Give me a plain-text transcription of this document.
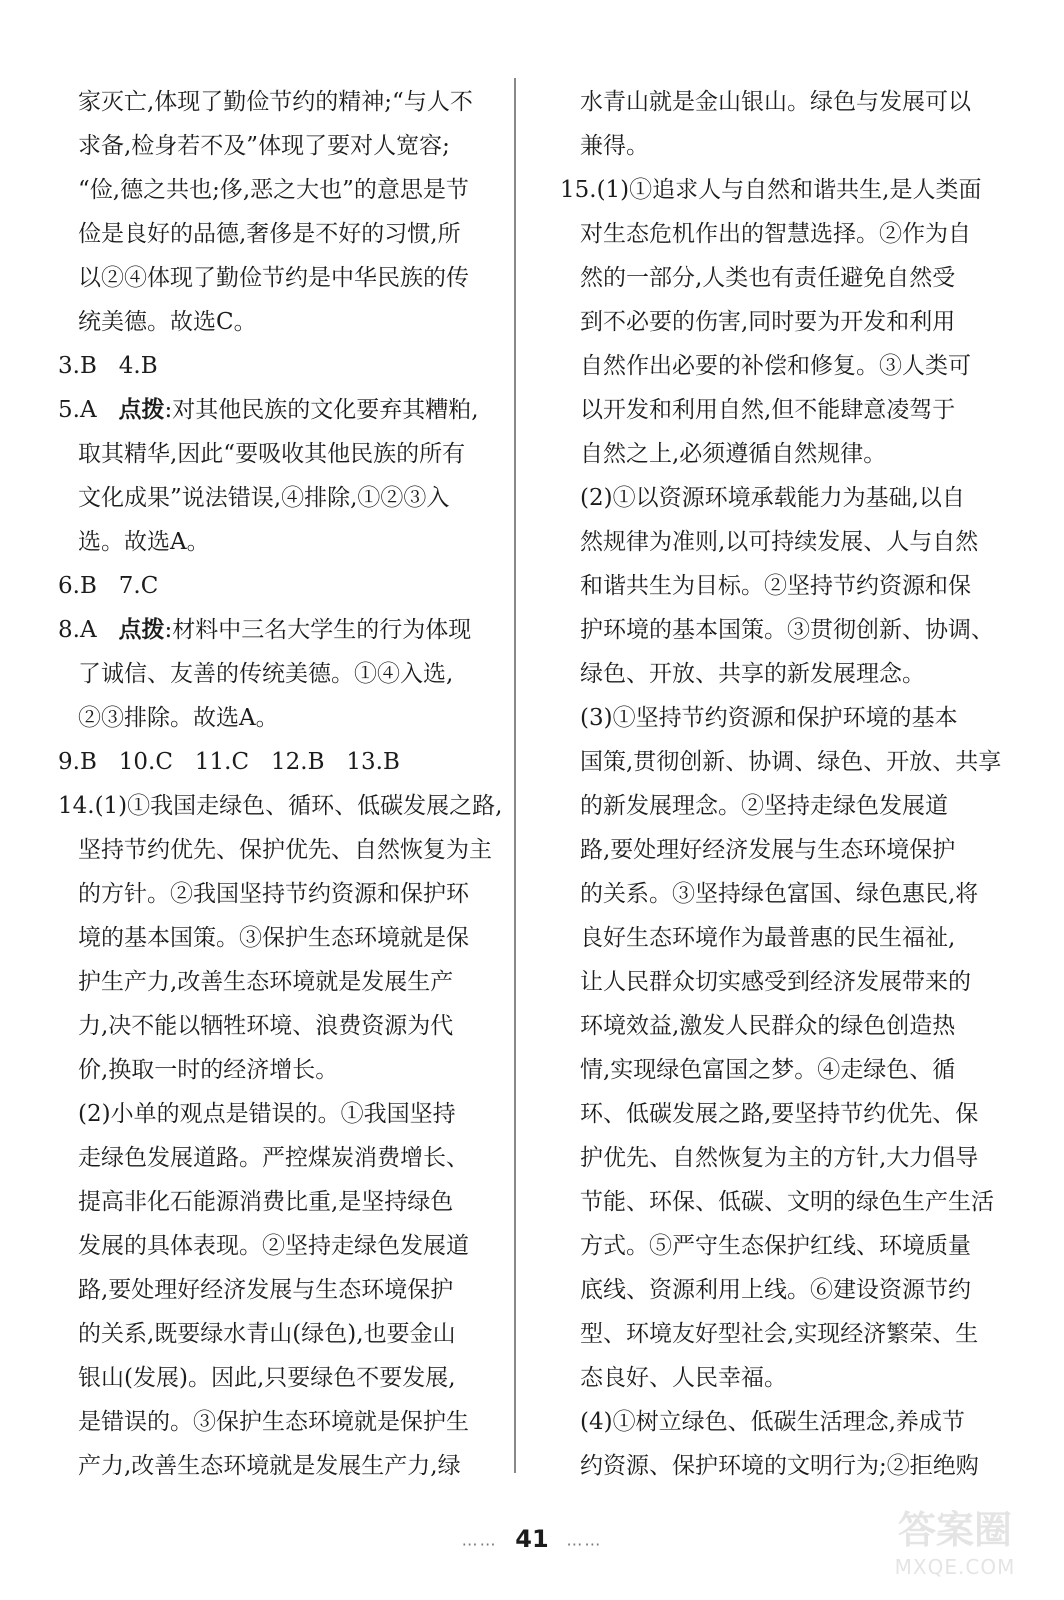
家灭亡,体现了勤俭节约的精神;“与人不
求备,检身若不及”体现了要对人宽容;
“俭,德之共也;侈,恶之大也”的意思是节
俭是良好的品德,奢侈是不好的习惯,所
以②④体现了勤俭节约是中华民族的传
统美德。故选C。
3.B   4.B
5.A   点拨:对其他民族的文化要弃其糟粕,
取其精华,因此“要吸收其他民族的所有
文化成果”说法错误,④排除,①②③入
选。故选A。
6.B   7.C
8.A   点拨:材料中三名大学生的行为体现
了诚信、友善的传统美德。①④入选,
②③排除。故选A。
9.B   10.C   11.C   12.B   13.B
14.(1)①我国走绿色、循环、低碳发展之路,
坚持节约优先、保护优先、自然恢复为主
的方针。②我国坚持节约资源和保护环
境的基本国策。③保护生态环境就是保
护生产力,改善生态环境就是发展生产
力,决不能以牺牲环境、浪费资源为代
价,换取一时的经济增长。
(2)小单的观点是错误的。①我国坚持
走绿色发展道路。严控煤炭消费增长、
提高非化石能源消费比重,是坚持绿色
发展的具体表现。②坚持走绿色发展道
路,要处理好经济发展与生态环境保护
的关系,既要绿水青山(绿色),也要金山
银山(发展)。因此,只要绿色不要发展,
是错误的。③保护生态环境就是保护生
产力,改善生态环境就是发展生产力,绿
水青山就是金山银山。绿色与发展可以
兼得。
15.(1)①追求人与自然和谐共生,是人类面
对生态危机作出的智慧选择。②作为自
然的一部分,人类也有责任避免自然受
到不必要的伤害,同时要为开发和利用
自然作出必要的补偿和修复。③人类可
以开发和利用自然,但不能肆意凌驾于
自然之上,必须遵循自然规律。
(2)①以资源环境承载能力为基础,以自
然规律为准则,以可持续发展、人与自然
和谐共生为目标。②坚持节约资源和保
护环境的基本国策。③贯彻创新、协调、
绿色、开放、共享的新发展理念。
(3)①坚持节约资源和保护环境的基本
国策,贯彻创新、协调、绿色、开放、共享
的新发展理念。②坚持走绿色发展道
路,要处理好经济发展与生态环境保护
的关系。③坚持绿色富国、绿色惠民,将
良好生态环境作为最普惠的民生福祉,
让人民群众切实感受到经济发展带来的
环境效益,激发人民群众的绿色创造热
情,实现绿色富国之梦。④走绿色、循
环、低碳发展之路,要坚持节约优先、保
护优先、自然恢复为主的方针,大力倡导
节能、环保、低碳、文明的绿色生产生活
方式。⑤严守生态保护红线、环境质量
底线、资源利用上线。⑥建设资源节约
型、环境友好型社会,实现经济繁荣、生
态良好、人民幸福。
(4)①树立绿色、低碳生活理念,养成节
约资源、保护环境的文明行为;②拒绝购
…… 41 ……	答案圈
MXQE.COM
